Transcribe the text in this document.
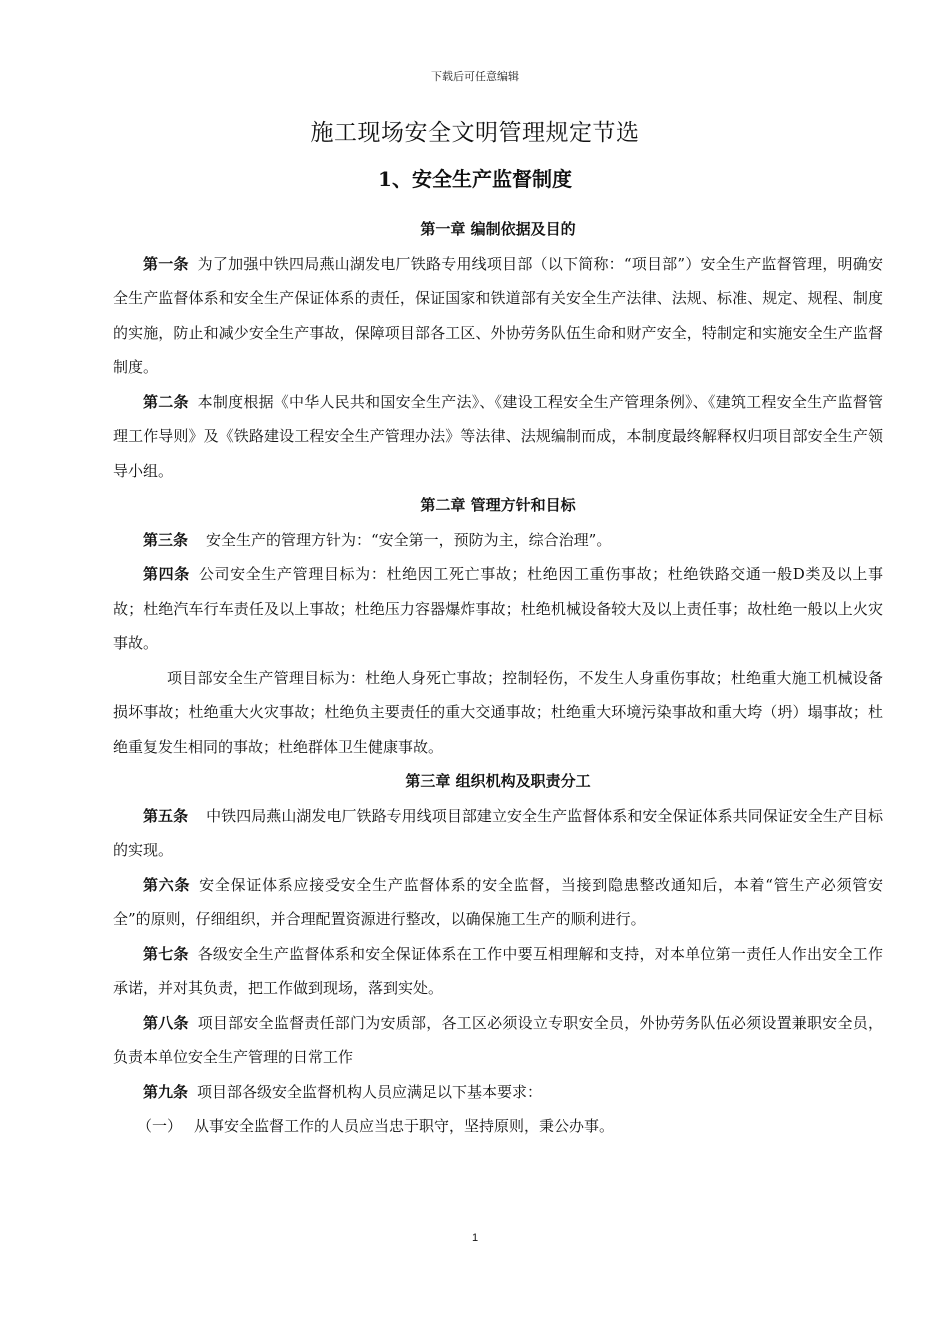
下载后可任意编辑
施工现场安全文明管理规定节选
1、安全生产监督制度

第一章 编制依据及目的

第一条 为了加强中铁四局燕山湖发电厂铁路专用线项目部（以下简称：“项目部”）安全生产监督管理，明确安全生产监督体系和安全生产保证体系的责任，保证国家和铁道部有关安全生产法律、法规、标准、规定、规程、制度的实施，防止和减少安全生产事故，保障项目部各工区、外协劳务队伍生命和财产安全，特制定和实施安全生产监督制度。

第二条 本制度根据《中华人民共和国安全生产法》、《建设工程安全生产管理条例》、《建筑工程安全生产监督管理工作导则》及《铁路建设工程安全生产管理办法》等法律、法规编制而成，本制度最终解释权归项目部安全生产领导小组。

第二章 管理方针和目标

第三条 安全生产的管理方针为：“安全第一，预防为主，综合治理”。

第四条 公司安全生产管理目标为：杜绝因工死亡事故；杜绝因工重伤事故；杜绝铁路交通一般D类及以上事故；杜绝汽车行车责任及以上事故；杜绝压力容器爆炸事故；杜绝机械设备较大及以上责任事；故杜绝一般以上火灾事故。

项目部安全生产管理目标为：杜绝人身死亡事故；控制轻伤，不发生人身重伤事故；杜绝重大施工机械设备损坏事故；杜绝重大火灾事故；杜绝负主要责任的重大交通事故；杜绝重大环境污染事故和重大垮（坍）塌事故；杜绝重复发生相同的事故；杜绝群体卫生健康事故。

第三章 组织机构及职责分工

第五条 中铁四局燕山湖发电厂铁路专用线项目部建立安全生产监督体系和安全保证体系共同保证安全生产目标的实现。

第六条 安全保证体系应接受安全生产监督体系的安全监督，当接到隐患整改通知后，本着“管生产必须管安全”的原则，仔细组织，并合理配置资源进行整改，以确保施工生产的顺利进行。

第七条 各级安全生产监督体系和安全保证体系在工作中要互相理解和支持，对本单位第一责任人作出安全工作承诺，并对其负责，把工作做到现场，落到实处。

第八条 项目部安全监督责任部门为安质部，各工区必须设立专职安全员，外协劳务队伍必须设置兼职安全员，负责本单位安全生产管理的日常工作

第九条 项目部各级安全监督机构人员应满足以下基本要求：

（一） 从事安全监督工作的人员应当忠于职守，坚持原则，秉公办事。

1
